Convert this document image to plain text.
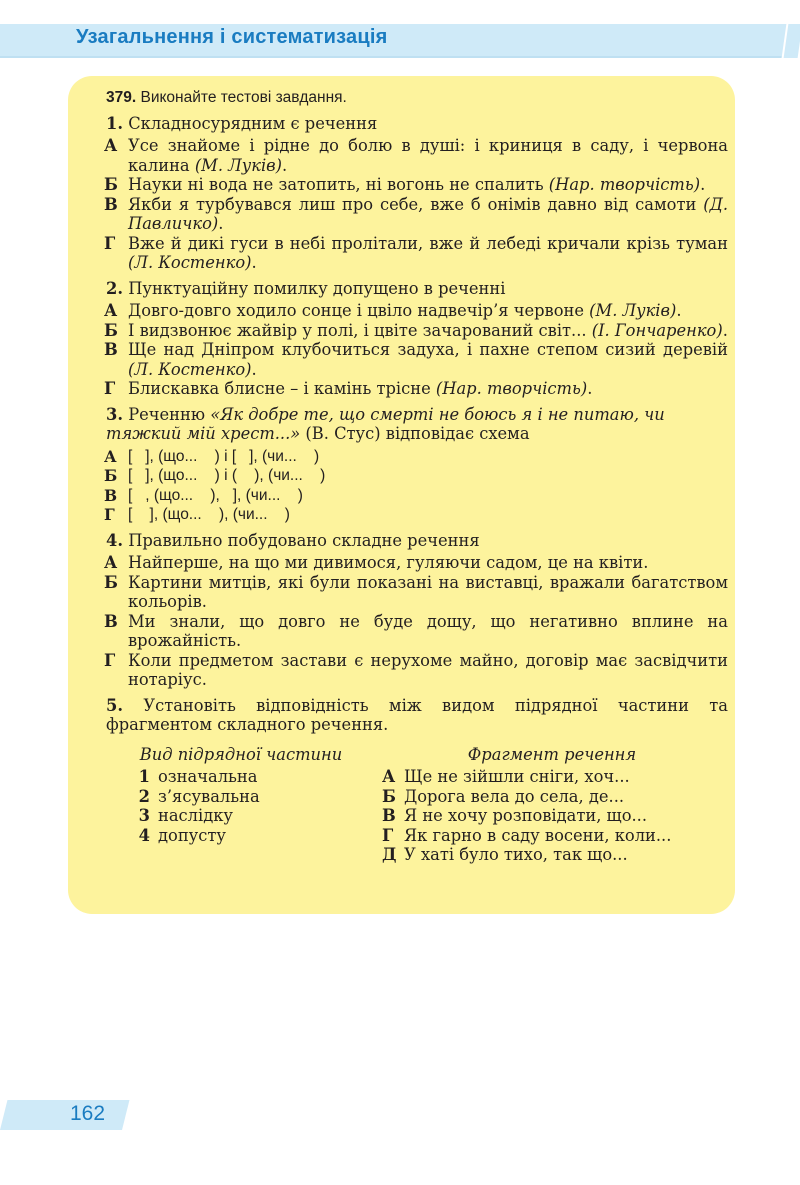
Узагальнення і систематизація
379. Виконайте тестові завдання.
1. Складносурядним є речення
А Усе знайоме і рідне до болю в душі: і криниця в саду, і червона калина (М. Луків).
Б Науки ні вода не затопить, ні вогонь не спалить (Нар. творчість).
В Якби я турбувався лиш про себе, вже б онімів давно від самоти (Д. Павличко).
Г Вже й дикі гуси в небі пролітали, вже й лебеді кричали крізь туман (Л. Костенко).
2. Пунктуаційну помилку допущено в реченні
А Довго-довго ходило сонце і цвіло надвечір’я червоне (М. Луків).
Б І видзвонює жайвір у полі, і цвіте зачарований світ... (І. Гончаренко).
В Ще над Дніпром клубочиться задуха, і пахне степом сизий деревій (Л. Костенко).
Г Блискавка блисне – і камінь трісне (Нар. творчість).
3. Реченню «Як добре те, що смерті не боюсь я і не питаю, чи тяжкий мій хрест...» (В. Стус) відповідає схема
А [   ], (що...    ) і [   ], (чи...    )
Б [   ], (що...    ) і (    ), (чи...    )
В [   , (що...    ),   ], (чи...    )
Г [    ], (що...    ), (чи...    )
4. Правильно побудовано складне речення
А Найперше, на що ми дивимося, гуляючи садом, це на квіти.
Б Картини митців, які були показані на виставці, вражали багатством кольорів.
В Ми знали, що довго не буде дощу, що негативно вплине на врожайність.
Г Коли предметом застави є нерухоме майно, договір має засвідчити нотаріус.
5. Установіть відповідність між видом підрядної частини та фрагментом складного речення.
Вид підрядної частини
1 означальна
2 з’ясувальна
3 наслідку
4 допусту
Фрагмент речення
А Ще не зійшли сніги, хоч...
Б Дорога вела до села, де...
В Я не хочу розповідати, що...
Г Як гарно в саду восени, коли...
Д У хаті було тихо, так що...
162
